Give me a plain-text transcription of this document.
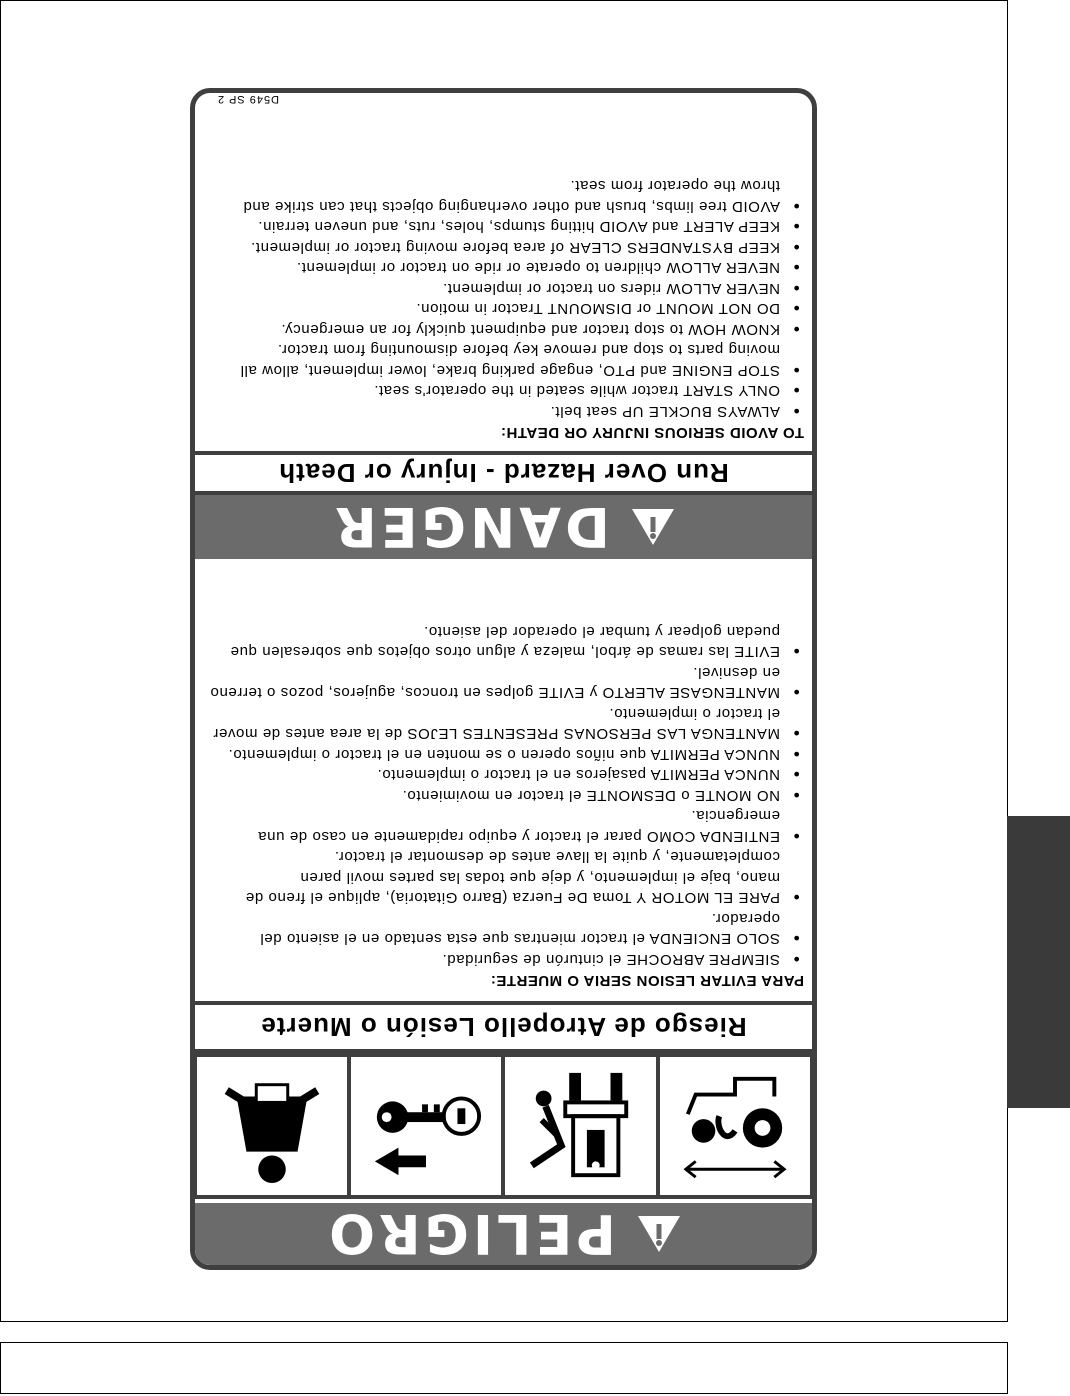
PELIGRO
Riesgo de Atropello Lesión o Muerte
PARA EVITAR LESION SERIA O MUERTE:
● SIEMPRE ABROCHE el cinturón de seguridad.
● SOLO ENCIENDA el tractor mientras que esta sentado en el asiento del operador.
● PARE EL MOTOR Y Toma De Fuerza (Barro Gitatoria), aplique el freno de mano, baje el implemento, y deje que todas las partes movil paren completamente, y quite la llave antes de desmontar el tractor.
● ENTIENDA COMO parar el tractor y equipo rapidamente en caso de una emergencia.
● NO MONTE o DESMONTE el tractor en movimiento.
● NUNCA PERMITA pasajeros en el tractor o implemento.
● NUNCA PERMITA que niños operen o se monten en el tractor o implemento.
● MANTENGA LAS PERSONAS PRESENTES LEJOS de la area antes de mover el tractor o implemento.
● MANTENGASE ALERTO y EVITE golpes en troncos, agujeros, pozos o terreno en desnivel.
● EVITE las ramas de árbol, maleza y algun otros objetos que sobresalen que puedan golpear y tumbar el operador del asiento.
DANGER
Run Over Hazard - Injury or Death
TO AVOID SERIOUS INJURY OR DEATH:
● ALWAYS BUCKLE UP seat belt.
● ONLY START tractor while seated in the operator's seat.
● STOP ENGINE and PTO, engage parking brake, lower implement, allow all moving parts to stop and remove key before dismounting from tractor.
● KNOW HOW to stop tractor and equipment quickly for an emergency.
● DO NOT MOUNT or DISMOUNT Tractor in motion.
● NEVER ALLOW riders on tractor or implement.
● NEVER ALLOW children to operate or ride on tractor or implement.
● KEEP BYSTANDERS CLEAR of area before moving tractor or implement.
● KEEP ALERT and AVOID hitting stumps, holes, ruts, and uneven terrain.
● AVOID tree limbs, brush and other overhanging objects that can strike and throw the operator from seat.
D549 SP 2
